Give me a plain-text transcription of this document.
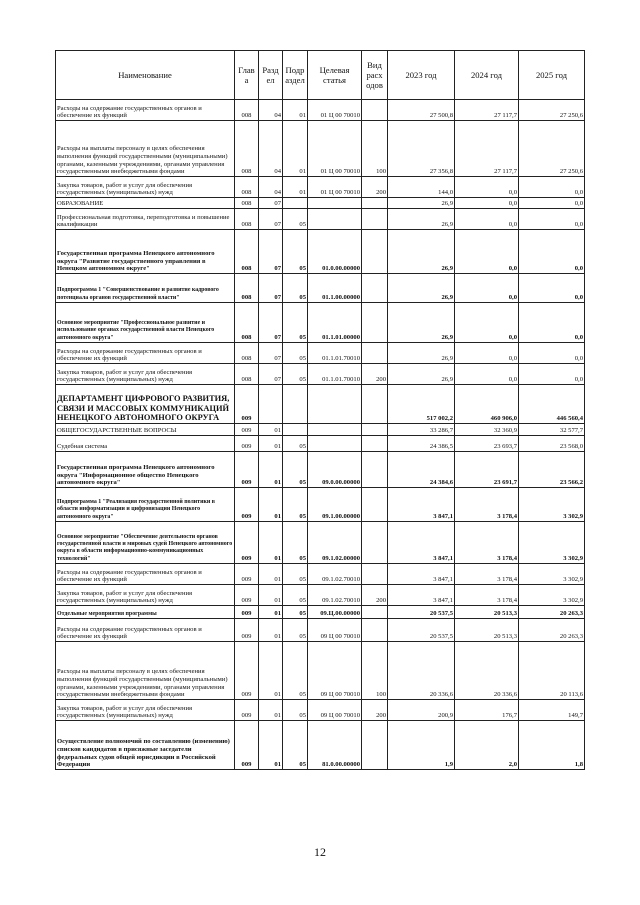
Наименование	Глав а	Разд ел	Подр аздел	Целевая статья	Вид расх одов	2023 год	2024 год	2025 год
Расходы на содержание государственных органов и обеспечение их функций	008	04	01	01 Ц 00 70010		27 500,8	27 117,7	27 250,6
Расходы на выплаты персоналу в целях обеспечения выполнения функций государственными (муниципальными) органами, казенными учреждениями, органами управления государственными внебюджетными фондами	008	04	01	01 Ц 00 70010	100	27 356,8	27 117,7	27 250,6
Закупка товаров, работ и услуг для обеспечения государственных (муниципальных) нужд	008	04	01	01 Ц 00 70010	200	144,0	0,0	0,0
ОБРАЗОВАНИЕ	008	07				26,9	0,0	0,0
Профессиональная подготовка, переподготовка и повышение квалификации	008	07	05			26,9	0,0	0,0
Государственная программа Ненецкого автономного округа "Развитие государственного управления в Ненецком автономном округе"	008	07	05	01.0.00.00000		26,9	0,0	0,0
Подпрограмма 1 "Совершенствование и развитие кадрового потенциала органов государственной власти"	008	07	05	01.1.00.00000		26,9	0,0	0,0
Основное мероприятие "Профессиональное развитие и использование органах государственной власти Ненецкого автономного округа"	008	07	05	01.1.01.00000		26,9	0,0	0,0
Расходы на содержание государственных органов и обеспечение их функций	008	07	05	01.1.01.70010		26,9	0,0	0,0
Закупка товаров, работ и услуг для обеспечения государственных (муниципальных) нужд	008	07	05	01.1.01.70010	200	26,9	0,0	0,0
ДЕПАРТАМЕНТ ЦИФРОВОГО РАЗВИТИЯ, СВЯЗИ И МАССОВЫХ КОММУНИКАЦИЙ НЕНЕЦКОГО АВТОНОМНОГО ОКРУГА	009					517 002,2	460 906,0	446 560,4
ОБЩЕГОСУДАРСТВЕННЫЕ ВОПРОСЫ	009	01				33 286,7	32 360,9	32 577,7
Судебная система	009	01	05			24 386,5	23 693,7	23 568,0
Государственная программа Ненецкого автономного округа "Информационное общество Ненецкого автономного округа"	009	01	05	09.0.00.00000		24 384,6	23 691,7	23 566,2
Подпрограмма 1 "Реализация государственной политики в области информатизации и цифровизации Ненецкого автономного округа"	009	01	05	09.1.00.00000		3 847,1	3 178,4	3 302,9
Основное мероприятие "Обеспечение деятельности органов государственной власти и мировых судей Ненецкого автономного округа в области информационно-коммуникационных технологий"	009	01	05	09.1.02.00000		3 847,1	3 178,4	3 302,9
Расходы на содержание государственных органов и обеспечение их функций	009	01	05	09.1.02.70010		3 847,1	3 178,4	3 302,9
Закупка товаров, работ и услуг для обеспечения государственных (муниципальных) нужд	009	01	05	09.1.02.70010	200	3 847,1	3 178,4	3 302,9
Отдельные мероприятия программы	009	01	05	09.Ц.00.00000		20 537,5	20 513,3	20 263,3
Расходы на содержание государственных органов и обеспечение их функций	009	01	05	09 Ц 00 70010		20 537,5	20 513,3	20 263,3
Расходы на выплаты персоналу в целях обеспечения выполнения функций государственными (муниципальными) органами, казенными учреждениями, органами управления государственными внебюджетными фондами	009	01	05	09 Ц 00 70010	100	20 336,6	20 336,6	20 113,6
Закупка товаров, работ и услуг для обеспечения государственных (муниципальных) нужд	009	01	05	09 Ц 00 70010	200	200,9	176,7	149,7
Осуществление полномочий по составлению (изменению) списков кандидатов в присяжные заседатели федеральных судов общей юрисдикции в Российской Федерации	009	01	05	81.0.00.00000		1,9	2,0	1,8
12
